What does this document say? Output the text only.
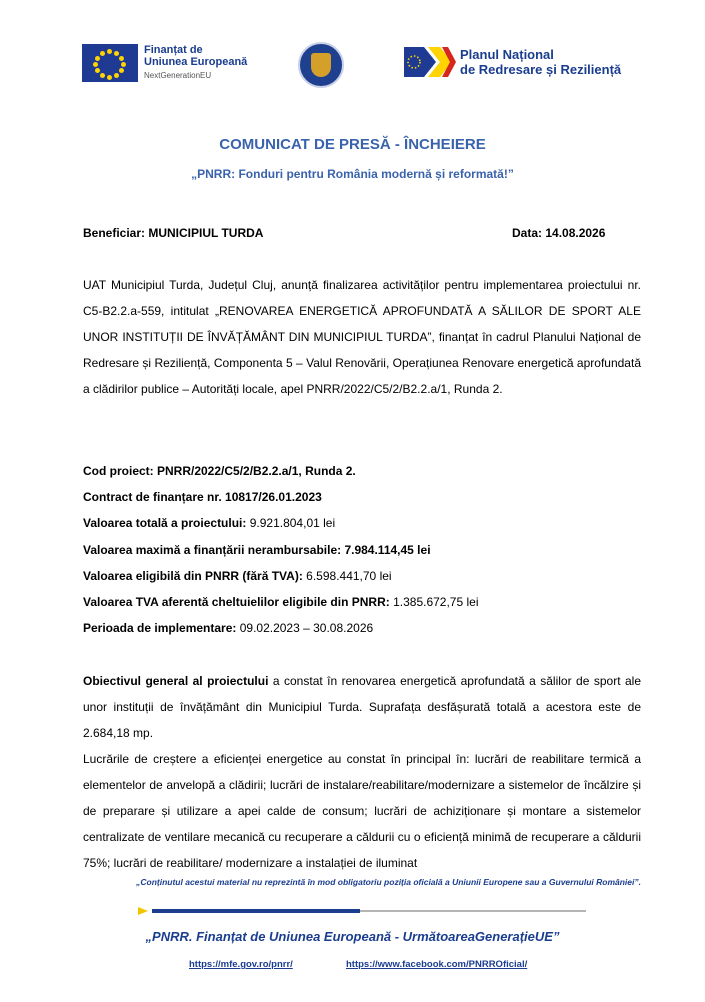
Finanțat de
Uniunea Europeană
NextGenerationEU
Planul Național
de Redresare și Reziliență
COMUNICAT DE PRESĂ - ÎNCHEIERE
„PNRR: Fonduri pentru România modernă și reformată!”
Beneficiar: MUNICIPIUL TURDA	Data: 14.08.2026
UAT Municipiul Turda, Județul Cluj, anunță finalizarea activităților pentru implementarea proiectului nr. C5-B2.2.a-559, intitulat „RENOVAREA ENERGETICĂ APROFUNDATĂ A SĂLILOR DE SPORT ALE UNOR INSTITUȚII DE ÎNVĂȚĂMÂNT DIN MUNICIPIUL TURDA”, finanțat în cadrul Planului Național de Redresare și Reziliență, Componenta 5 – Valul Renovării, Operațiunea Renovare energetică aprofundată a clădirilor publice – Autorități locale, apel PNRR/2022/C5/2/B2.2.a/1, Runda 2.
Cod proiect: PNRR/2022/C5/2/B2.2.a/1, Runda 2.
Contract de finanțare nr. 10817/26.01.2023
Valoarea totală a proiectului: 9.921.804,01 lei
Valoarea maximă a finanțării nerambursabile: 7.984.114,45 lei
Valoarea eligibilă din PNRR (fără TVA): 6.598.441,70 lei
Valoarea TVA aferentă cheltuielilor eligibile din PNRR: 1.385.672,75 lei
Perioada de implementare: 09.02.2023 – 30.08.2026
Obiectivul general al proiectului a constat în renovarea energetică aprofundată a sălilor de sport ale unor instituții de învățământ din Municipiul Turda. Suprafața desfășurată totală a acestora este de 2.684,18 mp.
Lucrările de creștere a eficienței energetice au constat în principal în: lucrări de reabilitare termică a elementelor de anvelopă a clădirii; lucrări de instalare/reabilitare/modernizare a sistemelor de încălzire și de preparare și utilizare a apei calde de consum; lucrări de achiziționare și montare a sistemelor centralizate de ventilare mecanică cu recuperare a căldurii cu o eficiență minimă de recuperare a căldurii 75%; lucrări de reabilitare/ modernizare a instalației de iluminat
„Conținutul acestui material nu reprezintă în mod obligatoriu poziția oficială a Uniunii Europene sau a Guvernului României”.
„PNRR. Finanțat de Uniunea Europeană - UrmătoareaGenerațieUE”
https://mfe.gov.ro/pnrr/	https://www.facebook.com/PNRROficial/
